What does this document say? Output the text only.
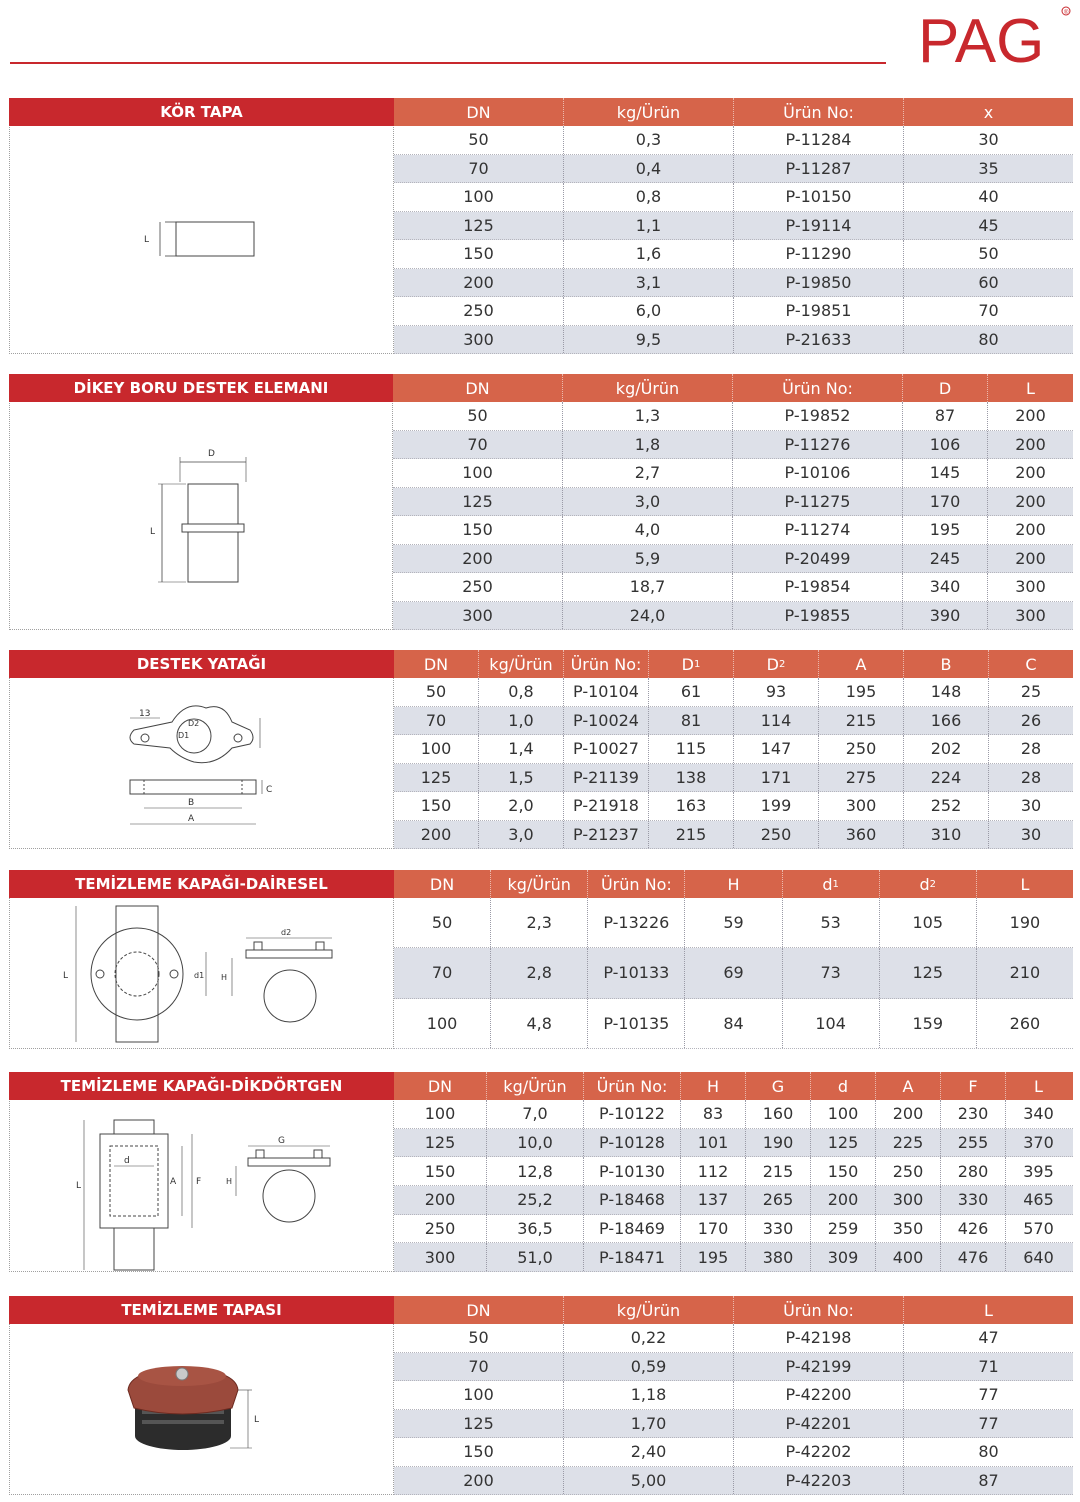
PAG	®
KÖR TAPA
L
DN	kg/Ürün	Ürün No:	x
50	0,3	P-11284	30
70	0,4	P-11287	35
100	0,8	P-10150	40
125	1,1	P-19114	45
150	1,6	P-11290	50
200	3,1	P-19850	60
250	6,0	P-19851	70
300	9,5	P-21633	80
DİKEY BORU DESTEK ELEMANI
D
L
DN	kg/Ürün	Ürün No:	D	L
50	1,3	P-19852	87	200
70	1,8	P-11276	106	200
100	2,7	P-10106	145	200
125	3,0	P-11275	170	200
150	4,0	P-11274	195	200
200	5,9	P-20499	245	200
250	18,7	P-19854	340	300
300	24,0	P-19855	390	300
DESTEK YATAĞI
13
D1
D2
C
B
A
DN	kg/Ürün Ürün No:	D 1	D 2	A	B	C
50	0,8	P-10104	61	93	195	148	25
70	1,0	P-10024	81	114	215	166	26
100	1,4	P-10027	115	147	250	202	28
125	1,5	P-21139	138	171	275	224	28
150	2,0	P-21918	163	199	300	252	30
200	3,0	P-21237	215	250	360	310	30
TEMİZLEME KAPAĞI-DAİRESEL
L	d1
d2
H
DN	kg/Ürün Ürün No:	H	d 1	d 2	L
50	2,3	P-13226	59	53	105	190
70	2,8	P-10133	69	73	125	210
100	4,8	P-10135	84	104	159	260
TEMİZLEME KAPAĞI-DİKDÖRTGEN
d
L	A F
G
H
DN	kg/Ürün	Ürün No:	H	G	d	A	F	L
100	7,0	P-10122	83	160	100	200	230	340
125	10,0	P-10128	101	190	125	225	255	370
150	12,8	P-10130	112	215	150	250	280	395
200	25,2	P-18468	137	265	200	300	330	465
250	36,5	P-18469	170	330	259	350	426	570
300	51,0	P-18471	195	380	309	400	476	640
TEMİZLEME TAPASI
L
DN	kg/Ürün	Ürün No:	L
50	0,22	P-42198	47
70	0,59	P-42199	71
100	1,18	P-42200	77
125	1,70	P-42201	77
150	2,40	P-42202	80
200	5,00	P-42203	87
